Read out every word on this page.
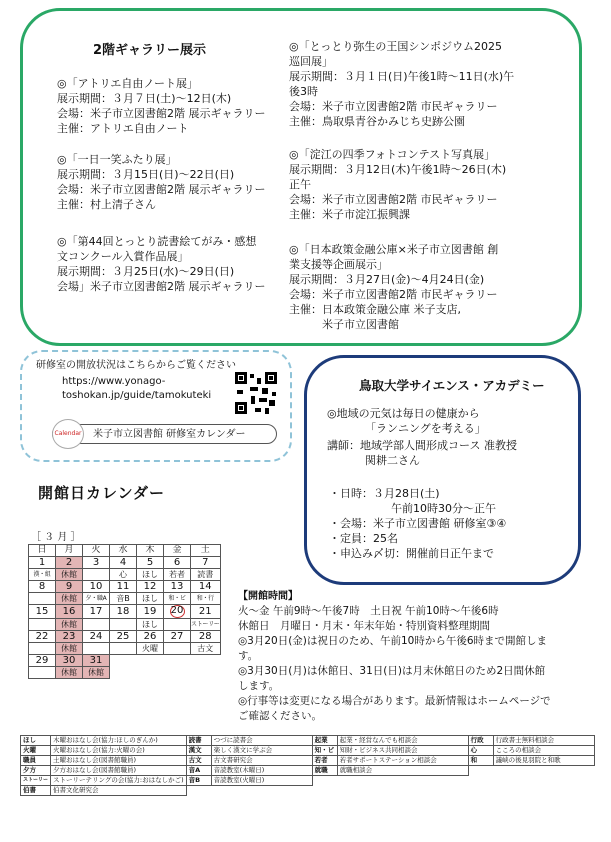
2階ギャラリー展示
◎「アトリエ自由ノート展」
展示期間：３月７日(土)～12日(木)
会場：米子市立図書館2階 展示ギャラリー
主催：アトリエ自由ノート
◎「一日一笑ふたり展」
展示期間：３月15日(日)～22日(日)
会場：米子市立図書館2階 展示ギャラリー
主催：村上清子さん
◎「第44回とっとり読書絵てがみ・感想
文コンクール入賞作品展」
展示期間：３月25日(水)～29日(日)
会場」米子市立図書館2階 展示ギャラリー
◎「とっとり弥生の王国シンポジウム2025
巡回展」
展示期間：３月１日(日)午後1時～11日(水)午
後3時
会場：米子市立図書館2階 市民ギャラリー
主催：鳥取県青谷かみじち史跡公園
◎「淀江の四季フォトコンテスト写真展」
展示期間：３月12日(木)午後1時～26日(木)
正午
会場：米子市立図書館2階 市民ギャラリー
主催：米子市淀江振興課
◎「日本政策金融公庫×米子市立図書館 創
業支援等企画展示」
展示期間：３月27日(金)～4月24日(金)
会場：米子市立図書館2階 市民ギャラリー
主催：日本政策金融公庫 米子支店,
　　　米子市立図書館
研修室の開放状況はこちらからご覧ください
https://www.yonago-
toshokan.jp/guide/tamokuteki
Calendar 米子市立図書館 研修室カレンダー
開館日カレンダー
［ ３ 月 ］
日	月	火	水	木	金	土
1	2	3	4	5	6	7
漢・組	休館		心	ほし	若者	読書
8	9	10	11	12	13	14
	休館	夕・職A	音B	ほし	和・ビ	和・行
15	16	17	18	19	20	21
	休館			ほし		ストーリー
22	23	24	25	26	27	28
	休館			火曜		古文
29	30	31				
	休館	休館				
鳥取大学サイエンス・アカデミー
◎地域の元気は毎日の健康から
「ランニングを考える」
講師：地域学部人間形成コース 准教授
関耕二さん
・日時：３月28日(土)
午前10時30分～正午
・会場：米子市立図書館 研修室③④
・定員：25名
・申込み〆切：開催前日正午まで
【開館時間】
火～金 午前9時～午後7時　土日祝 午前10時～午後6時
休館日　月曜日・月末・年末年始・特別資料整理期間
◎3月20日(金)は祝日のため、午前10時から午後6時まで開館しま
す。
◎3月30日(月)は休館日、31日(日)は月末休館日のため2日間休館
します。
◎行事等は変更になる場合があります。最新情報はホームページで
ご確認ください。
ほし	木曜おはなし会(協力:ほしのぎんか)	読書	つづに読書会	起業	起業・経営なんでも相談会	行政	行政書士無料相談会
火曜	火曜おはなし会(協力:火曜の会)	漢文	楽しく漢文に学ぶ会	知・ビ	知財・ビジネス共同相談会	心	こころの相談会
職員	土曜おはなし会(図書館職員)	古文	古文書研究会	若者	若者サポートステーション相談会	和	議峡の後見羽院と和歌
夕方	夕方おはなし会(図書館職員)	音A	音読教室(木曜日)	就職	就職相談会		
ストーリー	ストーリーテリングの会(協力:おはなしかご)	音B	音読教室(火曜日)				
伯書	伯書文化研究会						
